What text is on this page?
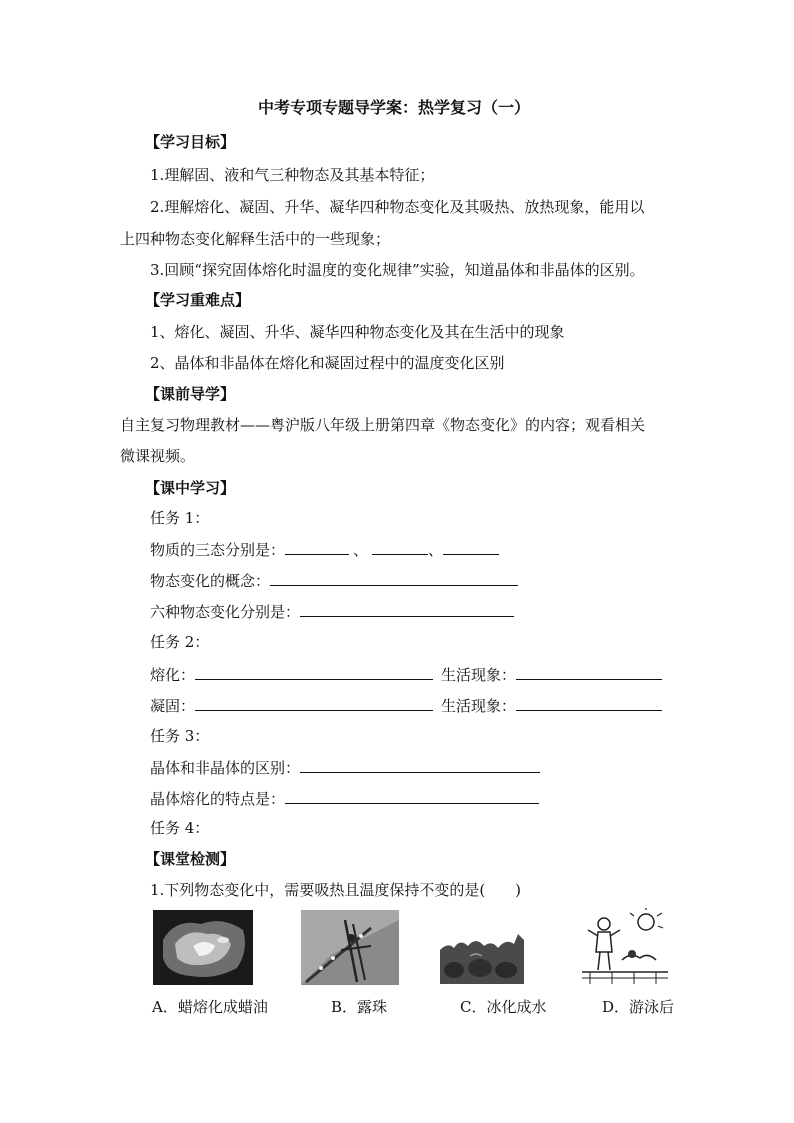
中考专项专题导学案：热学复习（一）
【学习目标】
1.理解固、液和气三种物态及其基本特征；
2.理解熔化、凝固、升华、凝华四种物态变化及其吸热、放热现象，能用以
上四种物态变化解释生活中的一些现象；
3.回顾“探究固体熔化时温度的变化规律”实验，知道晶体和非晶体的区别。
【学习重难点】
1、熔化、凝固、升华、凝华四种物态变化及其在生活中的现象
2、晶体和非晶体在熔化和凝固过程中的温度变化区别
【课前导学】
自主复习物理教材——粤沪版八年级上册第四章《物态变化》的内容；观看相关
微课视频。
【课中学习】
任务 1：
物质的三态分别是：	、	、
物态变化的概念：
六种物态变化分别是：
任务 2：
熔化：	生活现象：
凝固：	生活现象：
任务 3：
晶体和非晶体的区别：
晶体熔化的特点是：
任务 4：
【课堂检测】
1.下列物态变化中，需要吸热且温度保持不变的是(　　)
A．蜡熔化成蜡油	B．露珠	C．冰化成水	D．游泳后
